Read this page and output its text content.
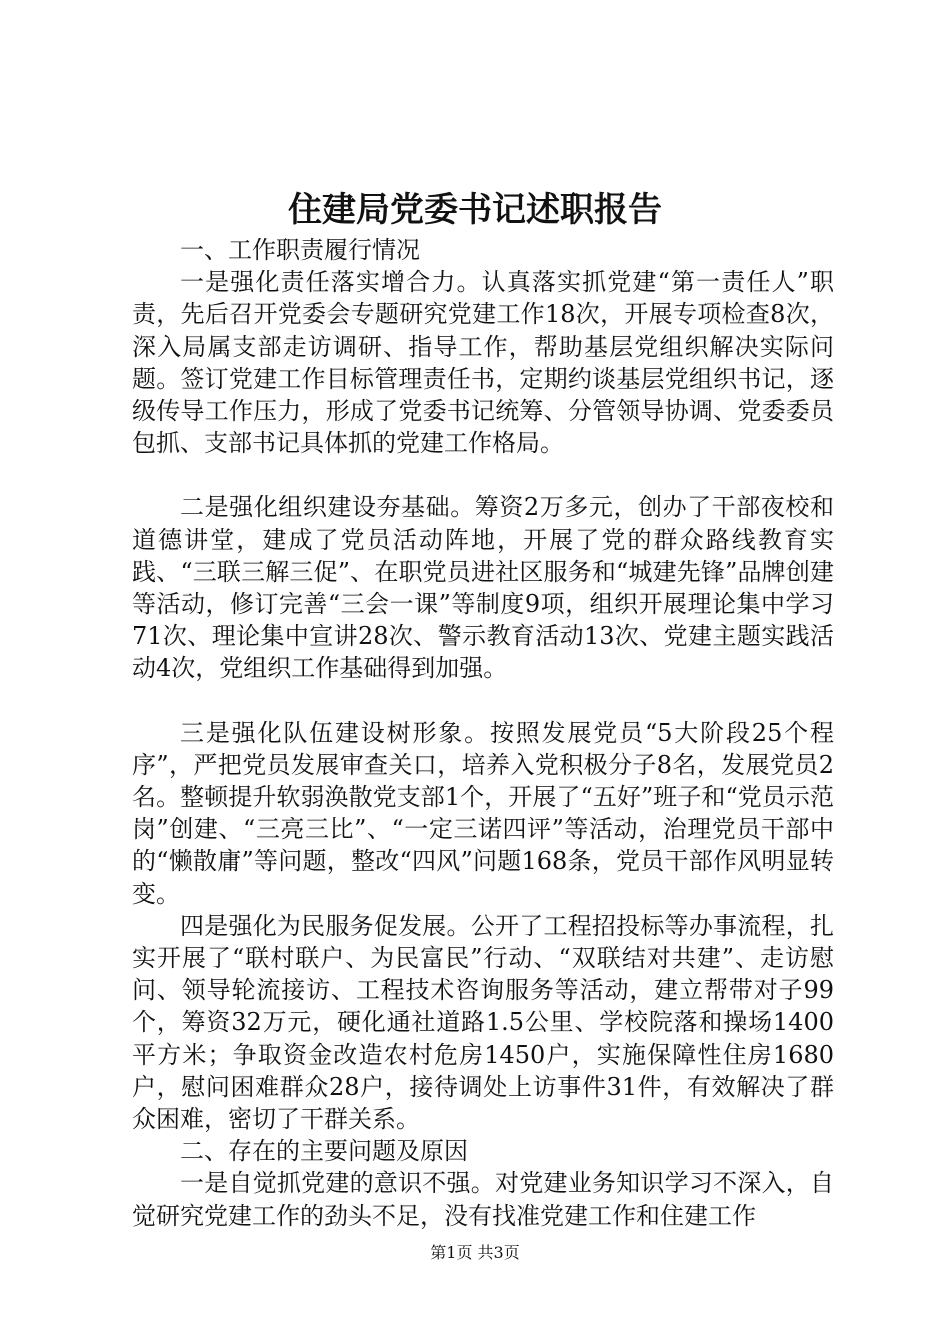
住建局党委书记述职报告

一、工作职责履行情况

一是强化责任落实增合力。认真落实抓党建“第一责任人”职责，先后召开党委会专题研究党建工作18次，开展专项检查8次，深入局属支部走访调研、指导工作，帮助基层党组织解决实际问题。签订党建工作目标管理责任书，定期约谈基层党组织书记，逐级传导工作压力，形成了党委书记统筹、分管领导协调、党委委员包抓、支部书记具体抓的党建工作格局。

二是强化组织建设夯基础。筹资2万多元，创办了干部夜校和道德讲堂，建成了党员活动阵地，开展了党的群众路线教育实践、“三联三解三促”、在职党员进社区服务和“城建先锋”品牌创建等活动，修订完善“三会一课”等制度9项，组织开展理论集中学习71次、理论集中宣讲28次、警示教育活动13次、党建主题实践活动4次，党组织工作基础得到加强。

三是强化队伍建设树形象。按照发展党员“5大阶段25个程序”，严把党员发展审查关口，培养入党积极分子8名，发展党员2名。整顿提升软弱涣散党支部1个，开展了“五好”班子和“党员示范岗”创建、“三亮三比”、“一定三诺四评”等活动，治理党员干部中的“懒散庸”等问题，整改“四风”问题168条，党员干部作风明显转变。

四是强化为民服务促发展。公开了工程招投标等办事流程，扎实开展了“联村联户、为民富民”行动、“双联结对共建”、走访慰问、领导轮流接访、工程技术咨询服务等活动，建立帮带对子99个，筹资32万元，硬化通社道路1.5公里、学校院落和操场1400平方米；争取资金改造农村危房1450户，实施保障性住房1680户，慰问困难群众28户，接待调处上访事件31件，有效解决了群众困难，密切了干群关系。

二、存在的主要问题及原因

一是自觉抓党建的意识不强。对党建业务知识学习不深入，自觉研究党建工作的劲头不足，没有找准党建工作和住建工作

第1页 共3页
